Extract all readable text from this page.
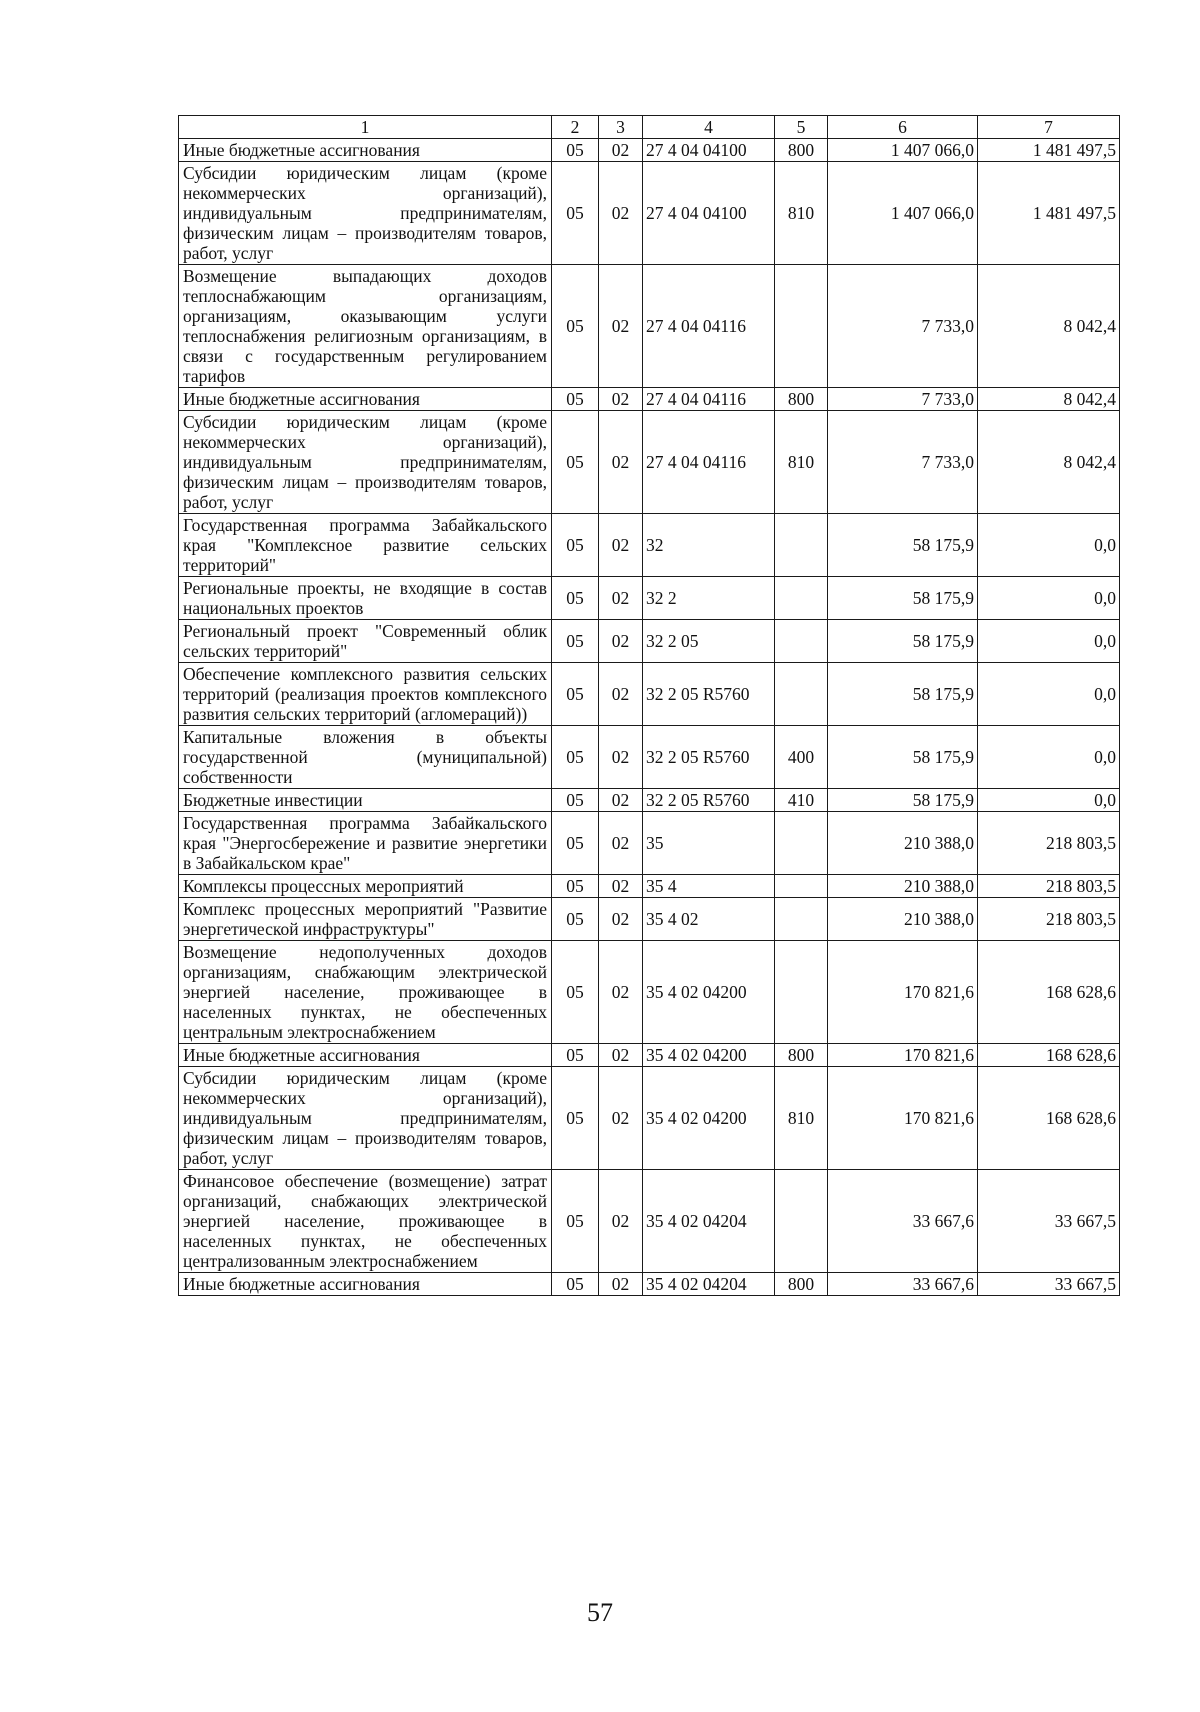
1	2	3	4	5	6	7
Иные бюджетные ассигнования	05	02	27 4 04 04100	800	1 407 066,0	1 481 497,5
Субсидии юридическим лицам (кроме некоммерческих организаций), индивидуальным предпринимателям, физическим лицам – производителям товаров, работ, услуг	05	02	27 4 04 04100	810	1 407 066,0	1 481 497,5
Возмещение выпадающих доходов теплоснабжающим организациям, организациям, оказывающим услуги теплоснабжения религиозным организациям, в связи с государственным регулированием тарифов	05	02	27 4 04 04116		7 733,0	8 042,4
Иные бюджетные ассигнования	05	02	27 4 04 04116	800	7 733,0	8 042,4
Субсидии юридическим лицам (кроме некоммерческих организаций), индивидуальным предпринимателям, физическим лицам – производителям товаров, работ, услуг	05	02	27 4 04 04116	810	7 733,0	8 042,4
Государственная программа Забайкальского края "Комплексное развитие сельских территорий"	05	02	32		58 175,9	0,0
Региональные проекты, не входящие в состав национальных проектов	05	02	32 2		58 175,9	0,0
Региональный проект "Современный облик сельских территорий"	05	02	32 2 05		58 175,9	0,0
Обеспечение комплексного развития сельских территорий (реализация проектов комплексного развития сельских территорий (агломераций))	05	02	32 2 05 R5760		58 175,9	0,0
Капитальные вложения в объекты государственной (муниципальной) собственности	05	02	32 2 05 R5760	400	58 175,9	0,0
Бюджетные инвестиции	05	02	32 2 05 R5760	410	58 175,9	0,0
Государственная программа Забайкальского края "Энергосбережение и развитие энергетики в Забайкальском крае"	05	02	35		210 388,0	218 803,5
Комплексы процессных мероприятий	05	02	35 4		210 388,0	218 803,5
Комплекс процессных мероприятий "Развитие энергетической инфраструктуры"	05	02	35 4 02		210 388,0	218 803,5
Возмещение недополученных доходов организациям, снабжающим электрической энергией население, проживающее в населенных пунктах, не обеспеченных центральным электроснабжением	05	02	35 4 02 04200		170 821,6	168 628,6
Иные бюджетные ассигнования	05	02	35 4 02 04200	800	170 821,6	168 628,6
Субсидии юридическим лицам (кроме некоммерческих организаций), индивидуальным предпринимателям, физическим лицам – производителям товаров, работ, услуг	05	02	35 4 02 04200	810	170 821,6	168 628,6
Финансовое обеспечение (возмещение) затрат организаций, снабжающих электрической энергией население, проживающее в населенных пунктах, не обеспеченных централизованным электроснабжением	05	02	35 4 02 04204		33 667,6	33 667,5
Иные бюджетные ассигнования	05	02	35 4 02 04204	800	33 667,6	33 667,5
57
